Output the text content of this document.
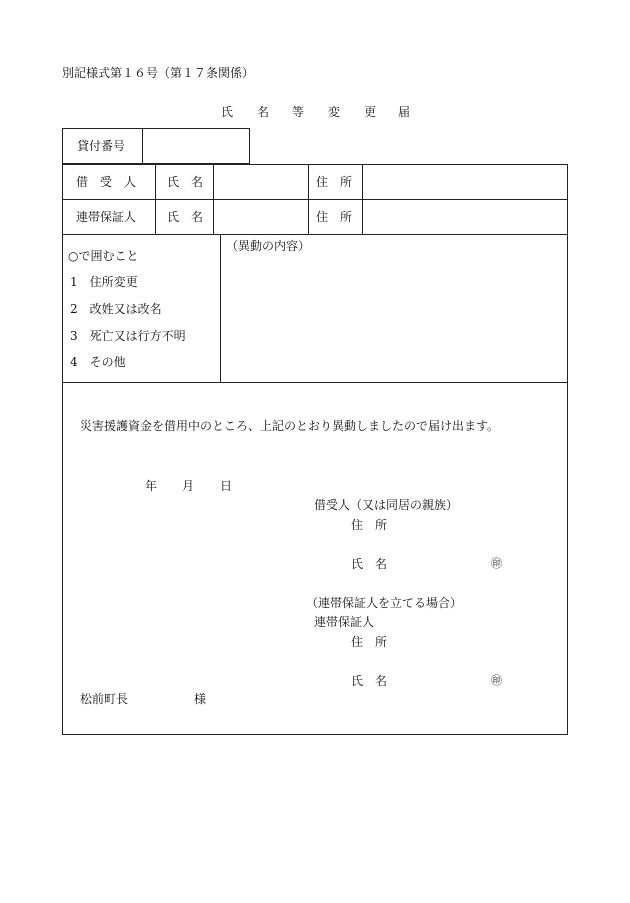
別記様式第１６号（第１７条関係）
氏 名 等 変 更 届
貸付番号
借　受　人	氏　名	住　所
連帯保証人	氏　名	住　所
○で囲むこと
1　住所変更
2　改姓又は改名
3　死亡又は行方不明
4　その他
（異動の内容）
災害援護資金を借用中のところ、上記のとおり異動しましたので届け出ます。
年 月 日
借受人（又は同居の親族）
住　所
氏　名	㊞
（連帯保証人を立てる場合）
連帯保証人
住　所
氏　名	㊞
松前町長	様
